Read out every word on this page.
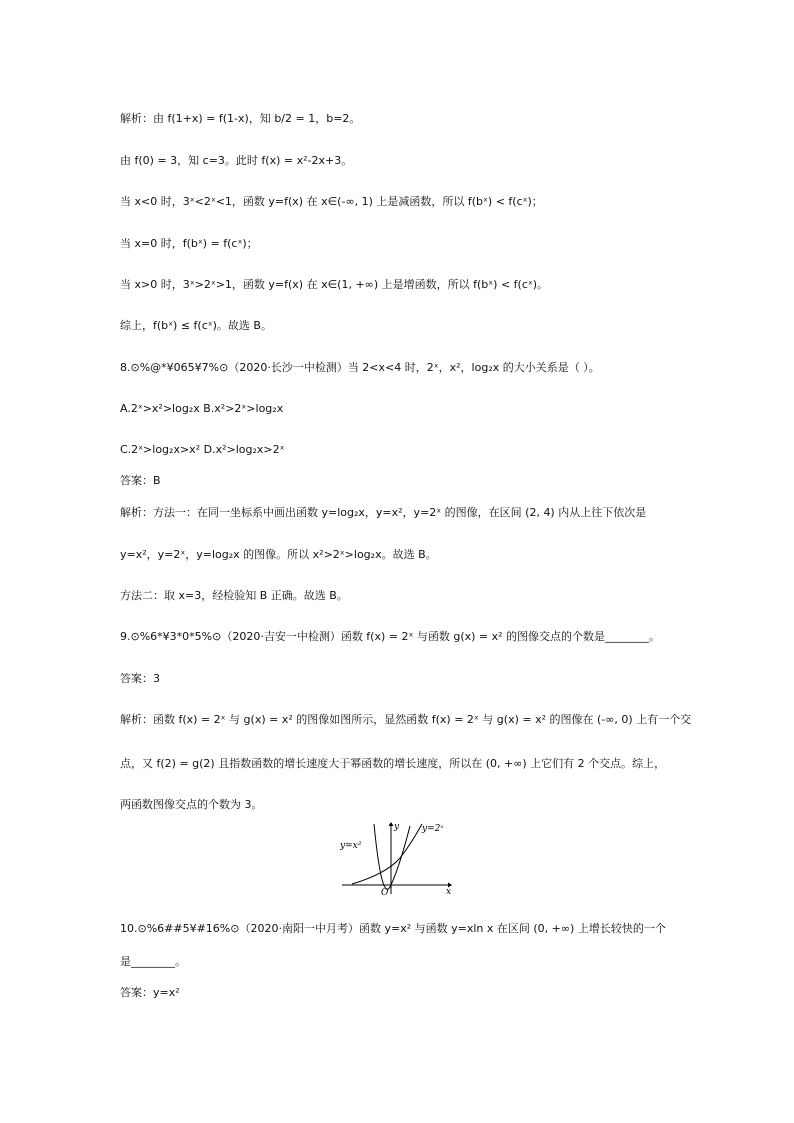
解析：由 f(1+x) = f(1-x)，知 b/2 = 1，b=2。
由 f(0) = 3，知 c=3。此时 f(x) = x²-2x+3。
当 x<0 时，3ˣ<2ˣ<1，函数 y=f(x) 在 x∈(-∞, 1) 上是减函数，所以 f(bˣ) < f(cˣ)；
当 x=0 时，f(bˣ) = f(cˣ)；
当 x>0 时，3ˣ>2ˣ>1，函数 y=f(x) 在 x∈(1, +∞) 上是增函数，所以 f(bˣ) < f(cˣ)。
综上，f(bˣ) ≤ f(cˣ)。故选 B。
8.⊙%@*¥065¥7%⊙（2020·长沙一中检测）当 2<x<4 时，2ˣ，x²，log₂x 的大小关系是（ ）。
A.2ˣ>x²>log₂x B.x²>2ˣ>log₂x
C.2ˣ>log₂x>x² D.x²>log₂x>2ˣ
答案：B
解析：方法一：在同一坐标系中画出函数 y=log₂x，y=x²，y=2ˣ 的图像，在区间 (2, 4) 内从上往下依次是
y=x²，y=2ˣ，y=log₂x 的图像。所以 x²>2ˣ>log₂x。故选 B。
方法二：取 x=3，经检验知 B 正确。故选 B。
9.⊙%6*¥3*0*5%⊙（2020·吉安一中检测）函数 f(x) = 2ˣ 与函数 g(x) = x² 的图像交点的个数是________。
答案：3
解析：函数 f(x) = 2ˣ 与 g(x) = x² 的图像如图所示，显然函数 f(x) = 2ˣ 与 g(x) = x² 的图像在 (-∞, 0) 上有一个交
点，又 f(2) = g(2) 且指数函数的增长速度大于幂函数的增长速度，所以在 (0, +∞) 上它们有 2 个交点。综上，
两函数图像交点的个数为 3。
y=x²
y=2ˣ
y
x
O
10.⊙%6##5¥#16%⊙（2020·南阳一中月考）函数 y=x² 与函数 y=xln x 在区间 (0, +∞) 上增长较快的一个
是________。
答案：y=x²
